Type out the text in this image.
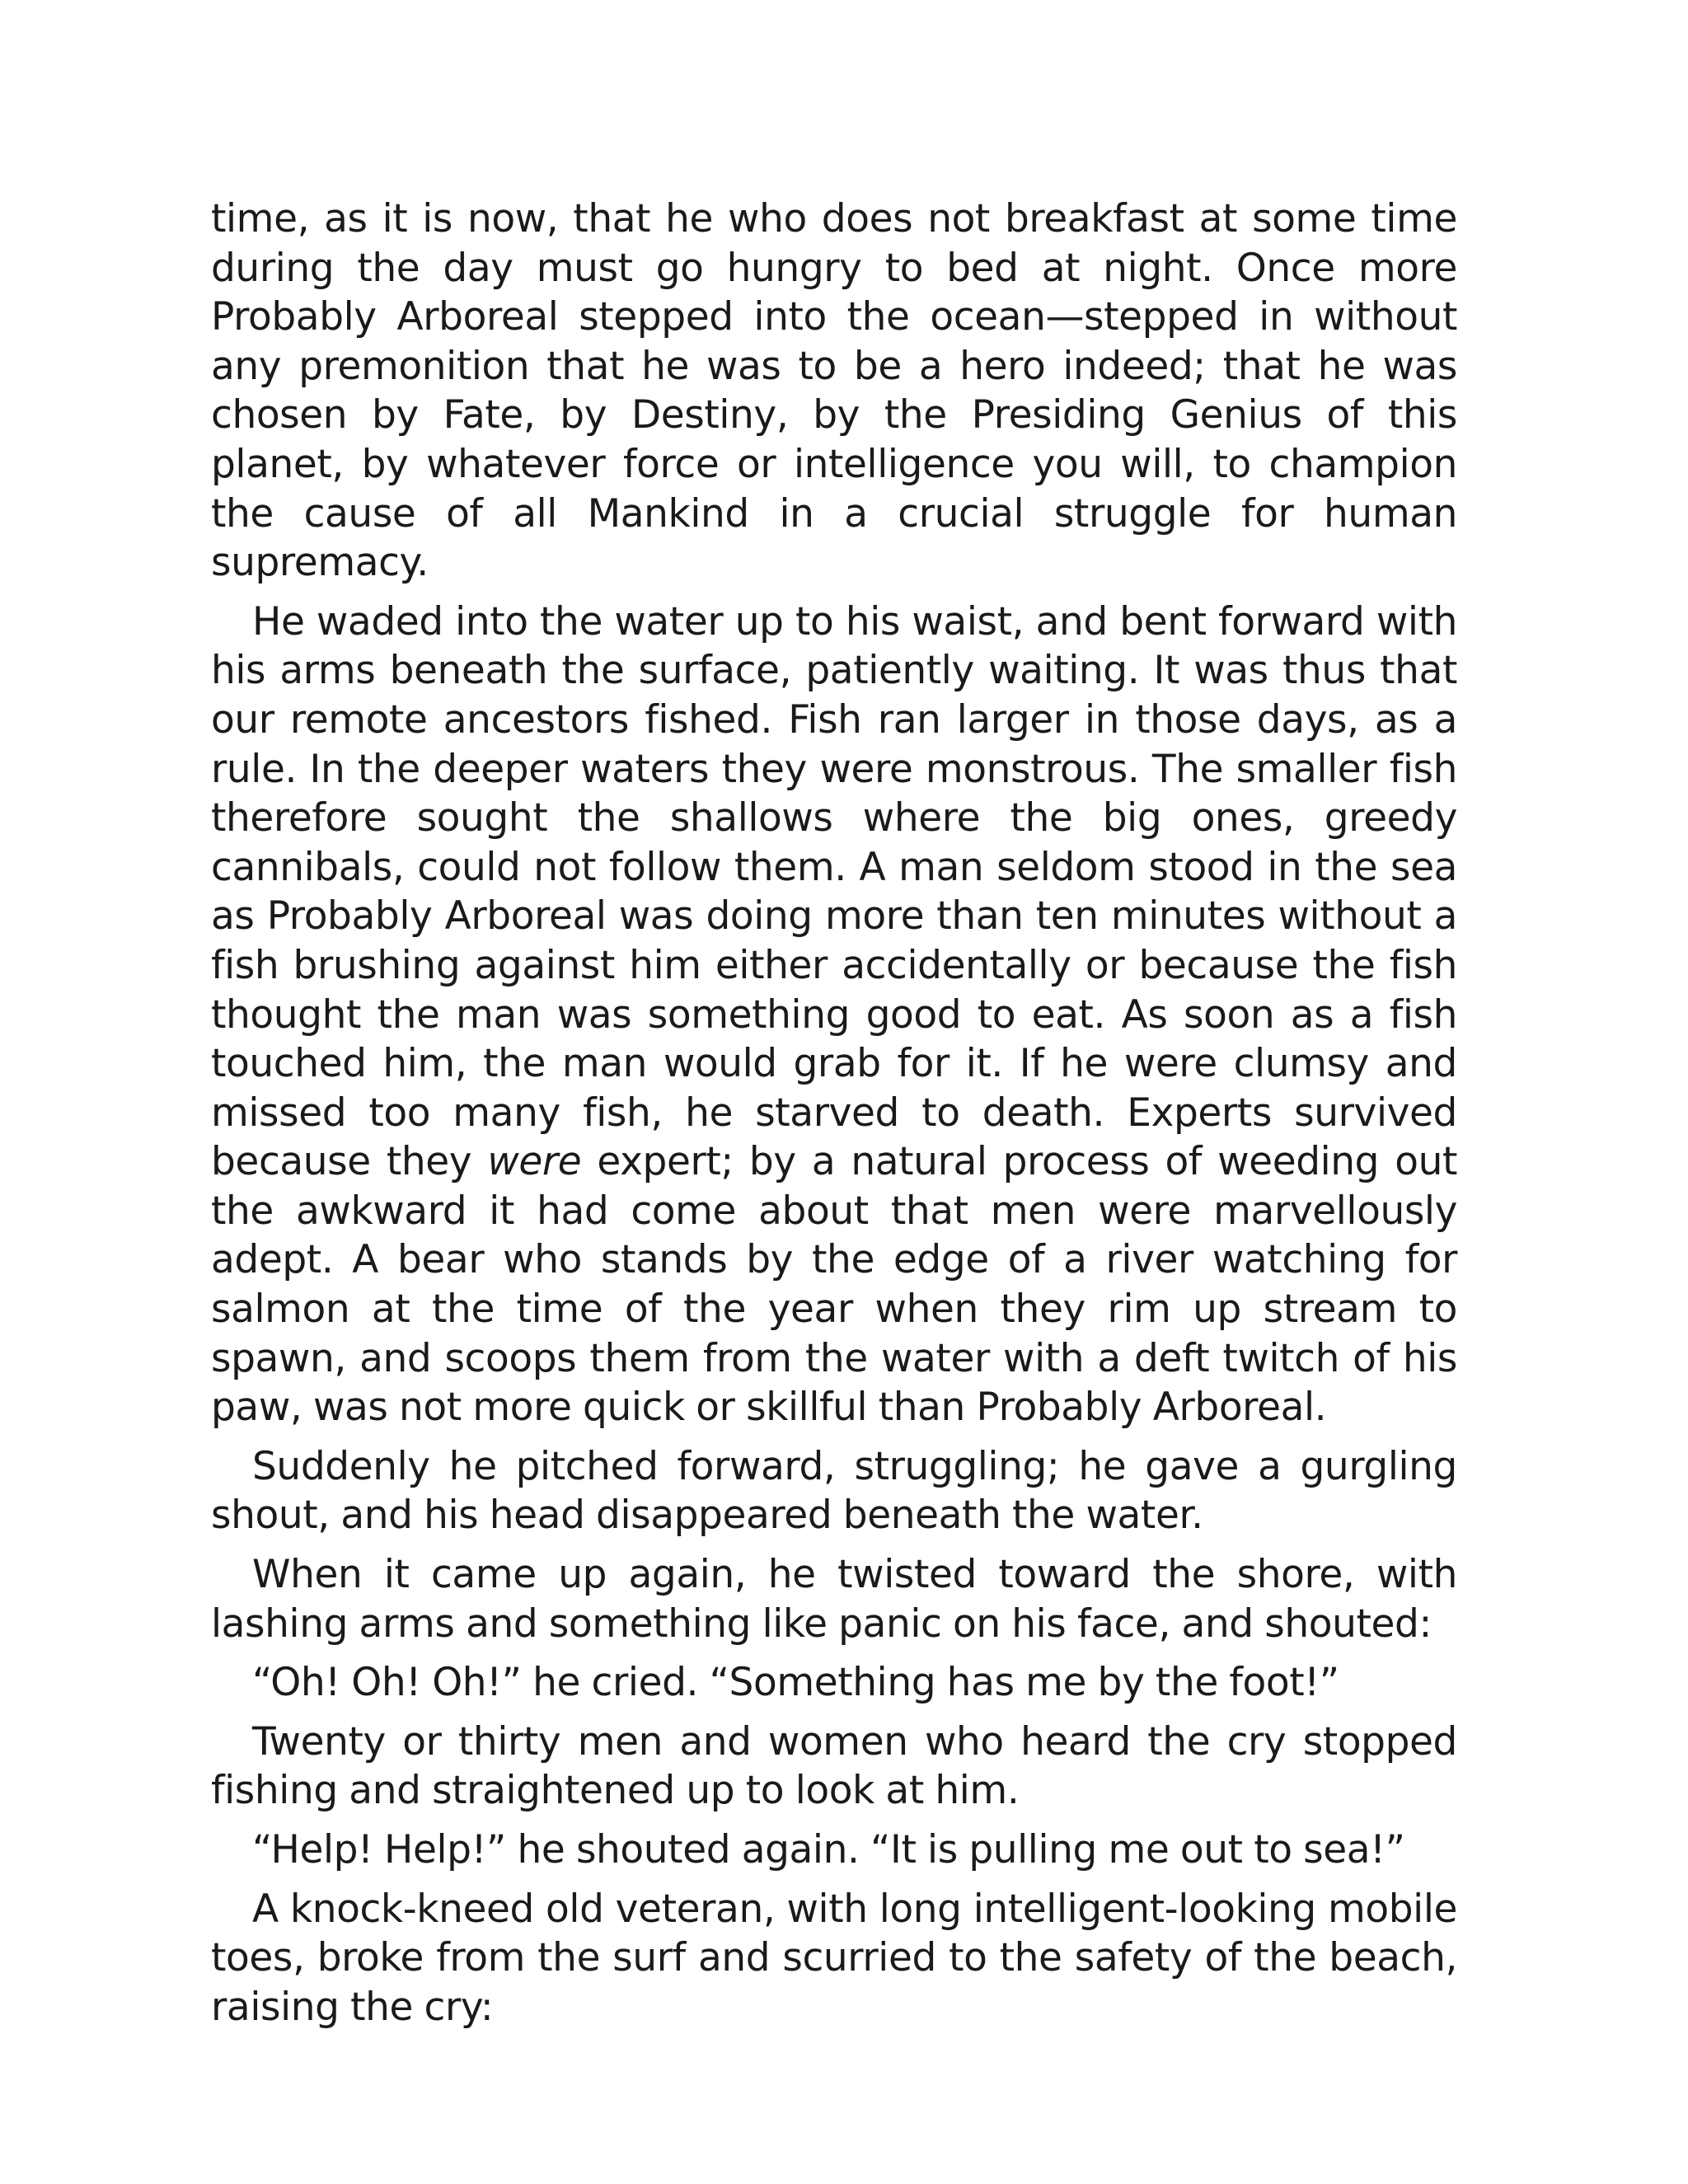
time, as it is now, that he who does not breakfast at some time during the day must go hungry to bed at night. Once more Probably Arboreal stepped into the ocean—stepped in without any premonition that he was to be a hero indeed; that he was chosen by Fate, by Destiny, by the Presiding Genius of this planet, by whatever force or intelligence you will, to champion the cause of all Mankind in a crucial struggle for human supremacy.

He waded into the water up to his waist, and bent forward with his arms beneath the surface, patiently waiting. It was thus that our remote ancestors fished. Fish ran larger in those days, as a rule. In the deeper waters they were monstrous. The smaller fish therefore sought the shallows where the big ones, greedy cannibals, could not follow them. A man seldom stood in the sea as Probably Arboreal was doing more than ten minutes without a fish brushing against him either accidentally or because the fish thought the man was something good to eat. As soon as a fish touched him, the man would grab for it. If he were clumsy and missed too many fish, he starved to death. Experts survived because they were expert; by a natural process of weeding out the awkward it had come about that men were marvellously adept. A bear who stands by the edge of a river watching for salmon at the time of the year when they rim up stream to spawn, and scoops them from the water with a deft twitch of his paw, was not more quick or skillful than Probably Arboreal.

Suddenly he pitched forward, struggling; he gave a gurgling shout, and his head disappeared beneath the water.

When it came up again, he twisted toward the shore, with lashing arms and something like panic on his face, and shouted:

“Oh! Oh! Oh!” he cried. “Something has me by the foot!”

Twenty or thirty men and women who heard the cry stopped fishing and straightened up to look at him.

“Help! Help!” he shouted again. “It is pulling me out to sea!”

A knock-kneed old veteran, with long intelligent-looking mobile toes, broke from the surf and scurried to the safety of the beach, raising the cry:
